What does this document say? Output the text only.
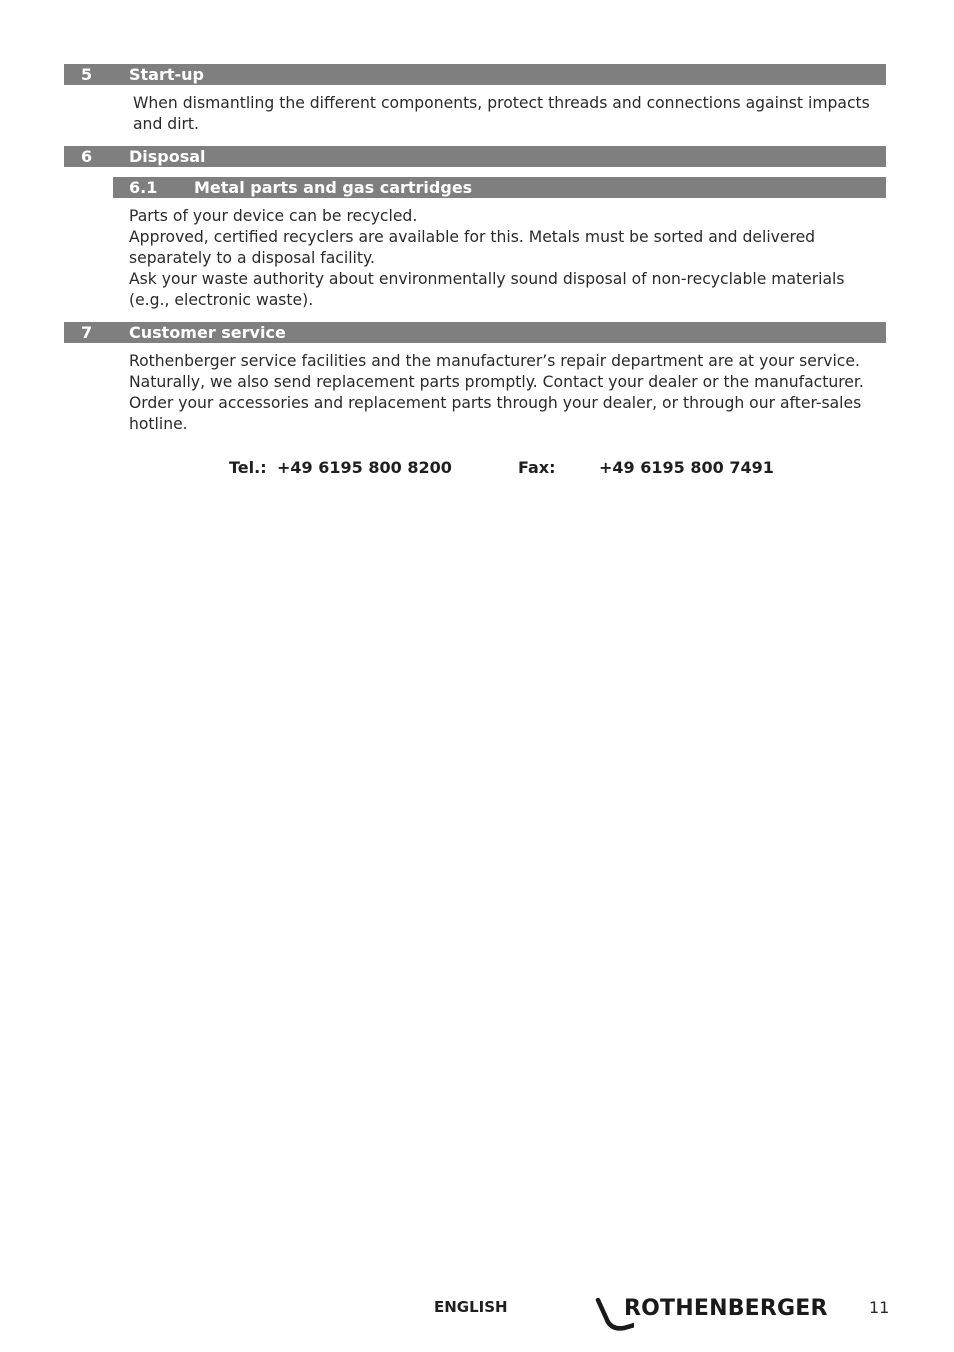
5 Start-up
When dismantling the different components, protect threads and connections against impacts
and dirt.
6 Disposal
6.1 Metal parts and gas cartridges
Parts of your device can be recycled.
Approved, certified recyclers are available for this. Metals must be sorted and delivered
separately to a disposal facility.
Ask your waste authority about environmentally sound disposal of non-recyclable materials
(e.g., electronic waste).
7 Customer service
Rothenberger service facilities and the manufacturer’s repair department are at your service.
Naturally, we also send replacement parts promptly. Contact your dealer or the manufacturer.
Order your accessories and replacement parts through your dealer, or through our after-sales
hotline.
Tel.: +49 6195 800 8200	Fax:	+49 6195 800 7491
ENGLISH	ROTHENBERGER	11
